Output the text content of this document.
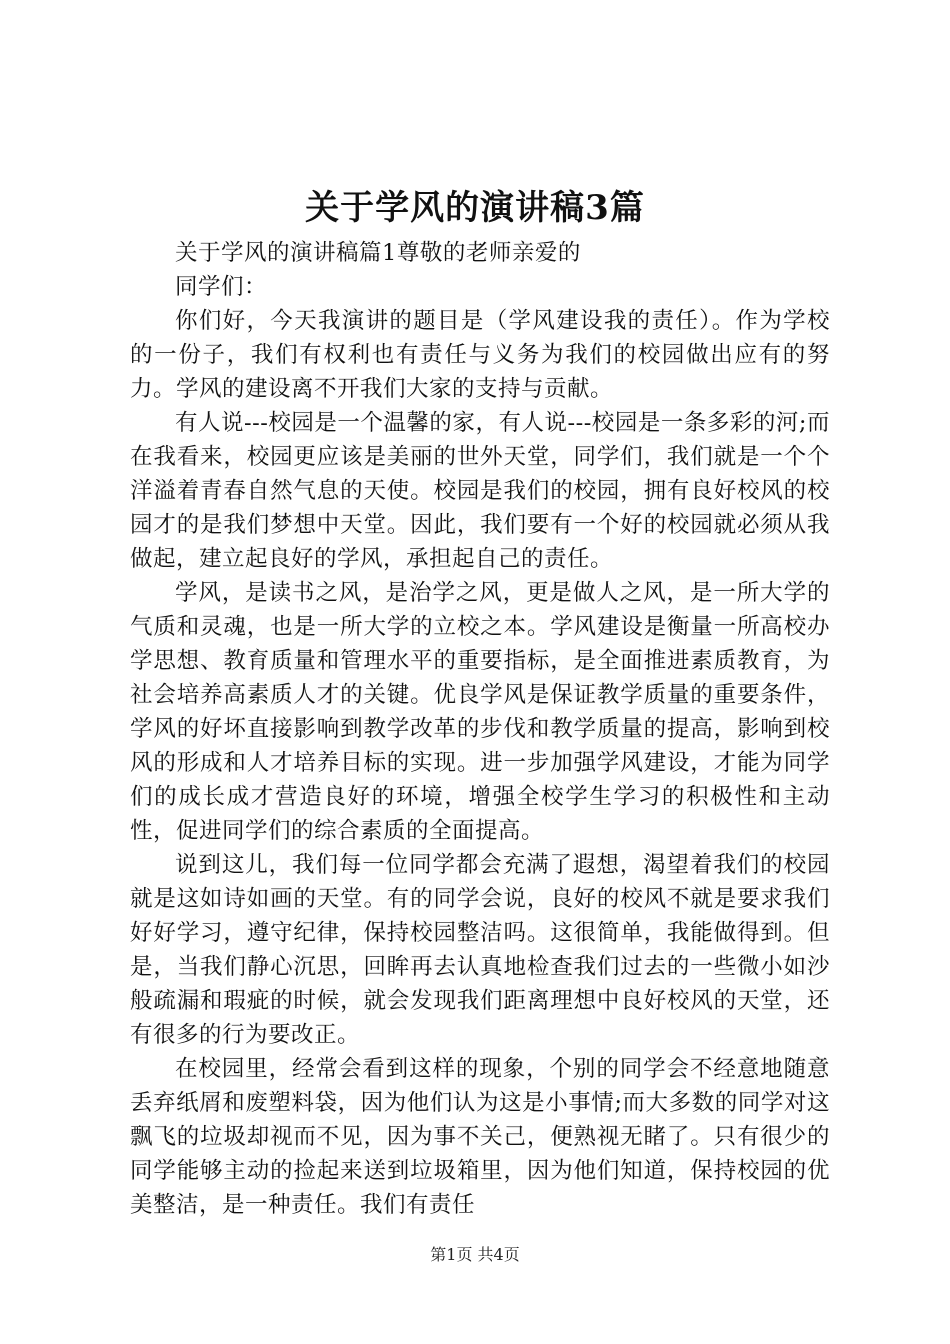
关于学风的演讲稿3篇

关于学风的演讲稿篇1尊敬的老师亲爱的

同学们：

你们好，今天我演讲的题目是（学风建设我的责任）。作为学校的一份子，我们有权利也有责任与义务为我们的校园做出应有的努力。学风的建设离不开我们大家的支持与贡献。

有人说---校园是一个温馨的家，有人说---校园是一条多彩的河;而在我看来，校园更应该是美丽的世外天堂，同学们，我们就是一个个洋溢着青春自然气息的天使。校园是我们的校园，拥有良好校风的校园才的是我们梦想中天堂。因此，我们要有一个好的校园就必须从我做起，建立起良好的学风，承担起自己的责任。

学风，是读书之风，是治学之风，更是做人之风，是一所大学的气质和灵魂，也是一所大学的立校之本。学风建设是衡量一所高校办学思想、教育质量和管理水平的重要指标，是全面推进素质教育，为社会培养高素质人才的关键。优良学风是保证教学质量的重要条件，学风的好坏直接影响到教学改革的步伐和教学质量的提高，影响到校风的形成和人才培养目标的实现。进一步加强学风建设，才能为同学们的成长成才营造良好的环境，增强全校学生学习的积极性和主动性，促进同学们的综合素质的全面提高。

说到这儿，我们每一位同学都会充满了遐想，渴望着我们的校园就是这如诗如画的天堂。有的同学会说，良好的校风不就是要求我们好好学习，遵守纪律，保持校园整洁吗。这很简单，我能做得到。但是，当我们静心沉思，回眸再去认真地检查我们过去的一些微小如沙般疏漏和瑕疵的时候，就会发现我们距离理想中良好校风的天堂，还有很多的行为要改正。

在校园里，经常会看到这样的现象，个别的同学会不经意地随意丢弃纸屑和废塑料袋，因为他们认为这是小事情;而大多数的同学对这飘飞的垃圾却视而不见，因为事不关己，便熟视无睹了。只有很少的同学能够主动的捡起来送到垃圾箱里，因为他们知道，保持校园的优美整洁，是一种责任。我们有责任

第1页 共4页
